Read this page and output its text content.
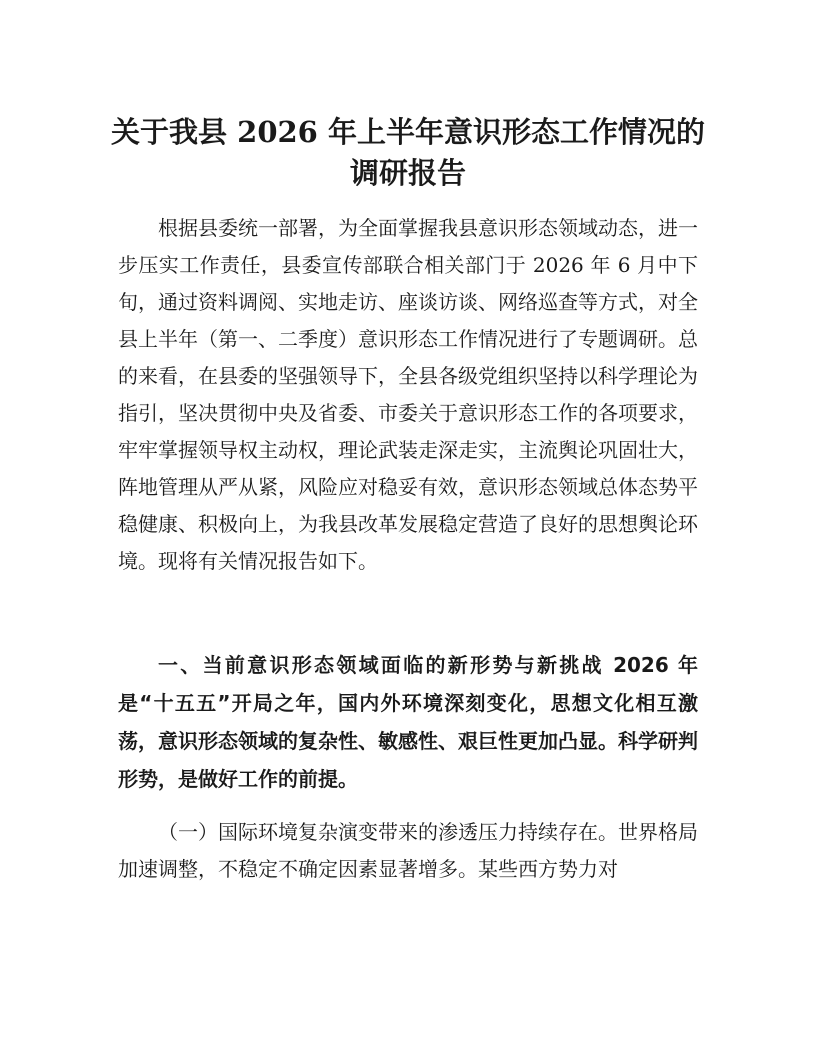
关于我县 2026 年上半年意识形态工作情况的调研报告

根据县委统一部署，为全面掌握我县意识形态领域动态，进一步压实工作责任，县委宣传部联合相关部门于 2026 年 6 月中下旬，通过资料调阅、实地走访、座谈访谈、网络巡查等方式，对全县上半年（第一、二季度）意识形态工作情况进行了专题调研。总的来看，在县委的坚强领导下，全县各级党组织坚持以科学理论为指引，坚决贯彻中央及省委、市委关于意识形态工作的各项要求，牢牢掌握领导权主动权，理论武装走深走实，主流舆论巩固壮大，阵地管理从严从紧，风险应对稳妥有效，意识形态领域总体态势平稳健康、积极向上，为我县改革发展稳定营造了良好的思想舆论环境。现将有关情况报告如下。

一、当前意识形态领域面临的新形势与新挑战 2026 年是“十五五”开局之年，国内外环境深刻变化，思想文化相互激荡，意识形态领域的复杂性、敏感性、艰巨性更加凸显。科学研判形势，是做好工作的前提。

（一）国际环境复杂演变带来的渗透压力持续存在。世界格局加速调整，不稳定不确定因素显著增多。某些西方势力对
